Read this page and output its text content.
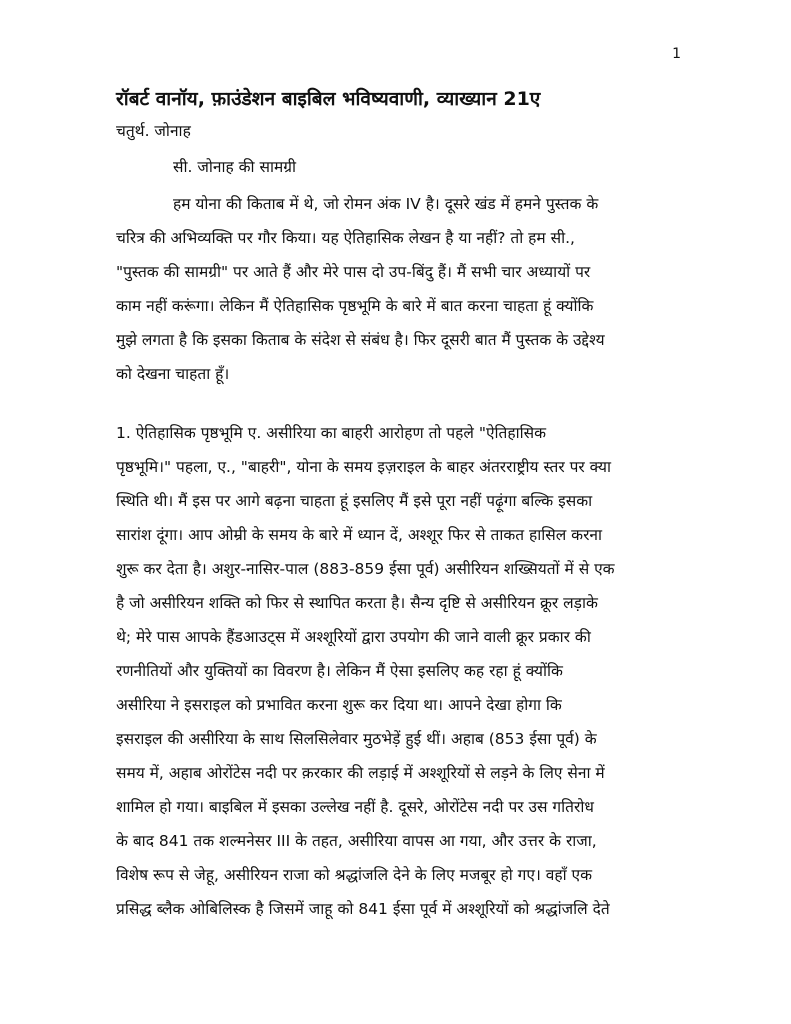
1
रॉबर्ट वानॉय, फ़ाउंडेशन बाइबिल भविष्यवाणी, व्याख्यान 21ए
चतुर्थ. जोनाह
सी. जोनाह की सामग्री
हम योना की किताब में थे, जो रोमन अंक IV है। दूसरे खंड में हमने पुस्तक के
चरित्र की अभिव्यक्ति पर गौर किया। यह ऐतिहासिक लेखन है या नहीं? तो हम सी.,
"पुस्तक की सामग्री" पर आते हैं और मेरे पास दो उप-बिंदु हैं। मैं सभी चार अध्यायों पर
काम नहीं करूंगा। लेकिन मैं ऐतिहासिक पृष्ठभूमि के बारे में बात करना चाहता हूं क्योंकि
मुझे लगता है कि इसका किताब के संदेश से संबंध है। फिर दूसरी बात मैं पुस्तक के उद्देश्य
को देखना चाहता हूँ।
1. ऐतिहासिक पृष्ठभूमि ए. असीरिया का बाहरी आरोहण तो पहले "ऐतिहासिक
पृष्ठभूमि।" पहला, ए., "बाहरी", योना के समय इज़राइल के बाहर अंतरराष्ट्रीय स्तर पर क्या
स्थिति थी। मैं इस पर आगे बढ़ना चाहता हूं इसलिए मैं इसे पूरा नहीं पढ़ूंगा बल्कि इसका
सारांश दूंगा। आप ओम्री के समय के बारे में ध्यान दें, अश्शूर फिर से ताकत हासिल करना
शुरू कर देता है। अशुर-नासिर-पाल (883-859 ईसा पूर्व) असीरियन शख्सियतों में से एक
है जो असीरियन शक्ति को फिर से स्थापित करता है। सैन्य दृष्टि से असीरियन क्रूर लड़ाके
थे; मेरे पास आपके हैंडआउट्स में अश्शूरियों द्वारा उपयोग की जाने वाली क्रूर प्रकार की
रणनीतियों और युक्तियों का विवरण है। लेकिन मैं ऐसा इसलिए कह रहा हूं क्योंकि
असीरिया ने इसराइल को प्रभावित करना शुरू कर दिया था। आपने देखा होगा कि
इसराइल की असीरिया के साथ सिलसिलेवार मुठभेड़ें हुई थीं। अहाब (853 ईसा पूर्व) के
समय में, अहाब ओरोंटेस नदी पर क़रकार की लड़ाई में अश्शूरियों से लड़ने के लिए सेना में
शामिल हो गया। बाइबिल में इसका उल्लेख नहीं है. दूसरे, ओरोंटेस नदी पर उस गतिरोध
के बाद 841 तक शल्मनेसर III के तहत, असीरिया वापस आ गया, और उत्तर के राजा,
विशेष रूप से जेहू, असीरियन राजा को श्रद्धांजलि देने के लिए मजबूर हो गए। वहाँ एक
प्रसिद्ध ब्लैक ओबिलिस्क है जिसमें जाहू को 841 ईसा पूर्व में अश्शूरियों को श्रद्धांजलि देते
